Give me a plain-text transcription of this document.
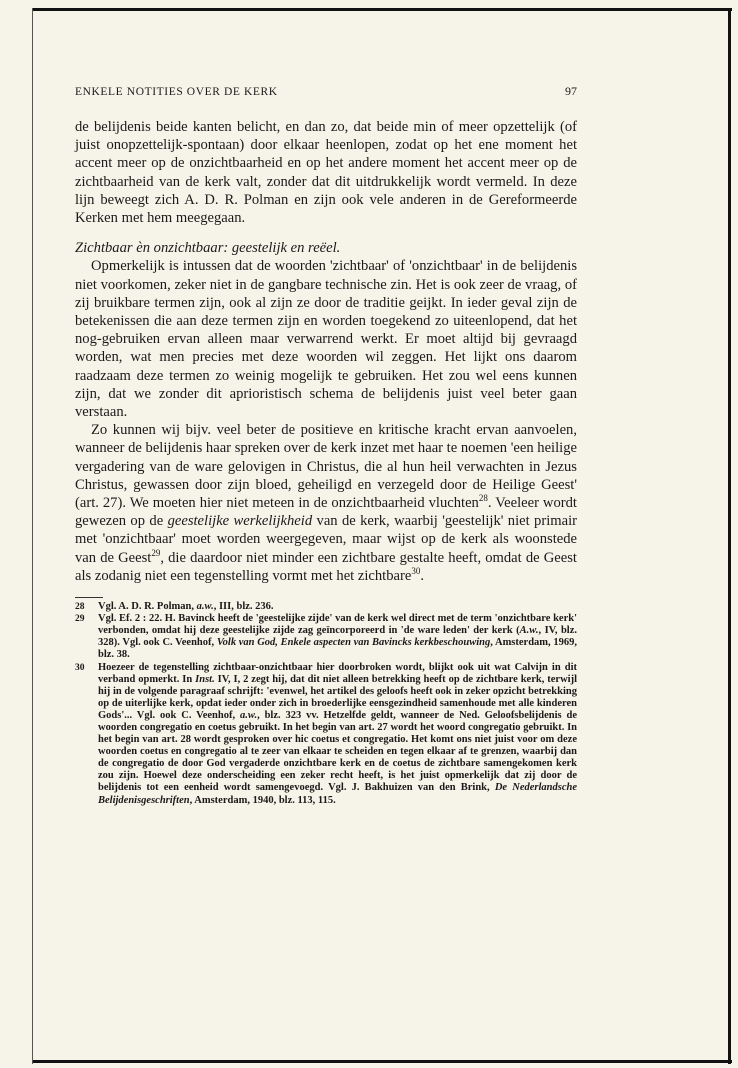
ENKELE NOTITIES OVER DE KERK	97

de belijdenis beide kanten belicht, en dan zo, dat beide min of meer opzettelijk (of juist onopzettelijk-spontaan) door elkaar heenlopen, zodat op het ene moment het accent meer op de onzichtbaarheid en op het andere moment het accent meer op de zichtbaarheid van de kerk valt, zonder dat dit uitdrukkelijk wordt vermeld. In deze lijn beweegt zich A. D. R. Polman en zijn ook vele anderen in de Gereformeerde Kerken met hem meegegaan.

Zichtbaar èn onzichtbaar: geestelijk en reëel.

Opmerkelijk is intussen dat de woorden 'zichtbaar' of 'onzichtbaar' in de belijdenis niet voorkomen, zeker niet in de gangbare technische zin. Het is ook zeer de vraag, of zij bruikbare termen zijn, ook al zijn ze door de traditie geijkt. In ieder geval zijn de betekenissen die aan deze termen zijn en worden toegekend zo uiteenlopend, dat het nog-gebruiken ervan alleen maar verwarrend werkt. Er moet altijd bij gevraagd worden, wat men precies met deze woorden wil zeggen. Het lijkt ons daarom raadzaam deze termen zo weinig mogelijk te gebruiken. Het zou wel eens kunnen zijn, dat we zonder dit aprioristisch schema de belijdenis juist veel beter gaan verstaan.

Zo kunnen wij bijv. veel beter de positieve en kritische kracht ervan aanvoelen, wanneer de belijdenis haar spreken over de kerk inzet met haar te noemen 'een heilige vergadering van de ware gelovigen in Christus, die al hun heil verwachten in Jezus Christus, gewassen door zijn bloed, geheiligd en verzegeld door de Heilige Geest' (art. 27). We moeten hier niet meteen in de onzichtbaarheid vluchten$^{28}$. Veeleer wordt gewezen op de geestelijke werkelijkheid van de kerk, waarbij 'geestelijk' niet primair met 'onzichtbaar' moet worden weergegeven, maar wijst op de kerk als woonstede van de Geest$^{29}$, die daardoor niet minder een zichtbare gestalte heeft, omdat de Geest als zodanig niet een tegenstelling vormt met het zichtbare$^{30}$.

28	Vgl. A. D. R. Polman, a.w., III, blz. 236.
29	Vgl. Ef. 2 : 22. H. Bavinck heeft de 'geestelijke zijde' van de kerk wel direct met de term 'onzichtbare kerk' verbonden, omdat hij deze geestelijke zijde zag geïncorporeerd in 'de ware leden' der kerk (A.w., IV, blz. 328). Vgl. ook C. Veenhof, Volk van God, Enkele aspecten van Bavincks kerkbeschouwing, Amsterdam, 1969, blz. 38.
30	Hoezeer de tegenstelling zichtbaar-onzichtbaar hier doorbroken wordt, blijkt ook uit wat Calvijn in dit verband opmerkt. In Inst. IV, I, 2 zegt hij, dat dit niet alleen betrekking heeft op de zichtbare kerk, terwijl hij in de volgende paragraaf schrijft: 'evenwel, het artikel des geloofs heeft ook in zeker opzicht betrekking op de uiterlijke kerk, opdat ieder onder zich in broederlijke eensgezindheid samenhoude met alle kinderen Gods'... Vgl. ook C. Veenhof, a.w., blz. 323 vv. Hetzelfde geldt, wanneer de Ned. Geloofsbelijdenis de woorden congregatio en coetus gebruikt. In het begin van art. 27 wordt het woord congregatio gebruikt. In het begin van art. 28 wordt gesproken over hic coetus et congregatio. Het komt ons niet juist voor om deze woorden coetus en congregatio al te zeer van elkaar te scheiden en tegen elkaar af te grenzen, waarbij dan de congregatio de door God vergaderde onzichtbare kerk en de coetus de zichtbare samengekomen kerk zou zijn. Hoewel deze onderscheiding een zeker recht heeft, is het juist opmerkelijk dat zij door de belijdenis tot een eenheid wordt samengevoegd. Vgl. J. Bakhuizen van den Brink, De Nederlandsche Belijdenisgeschriften, Amsterdam, 1940, blz. 113, 115.
